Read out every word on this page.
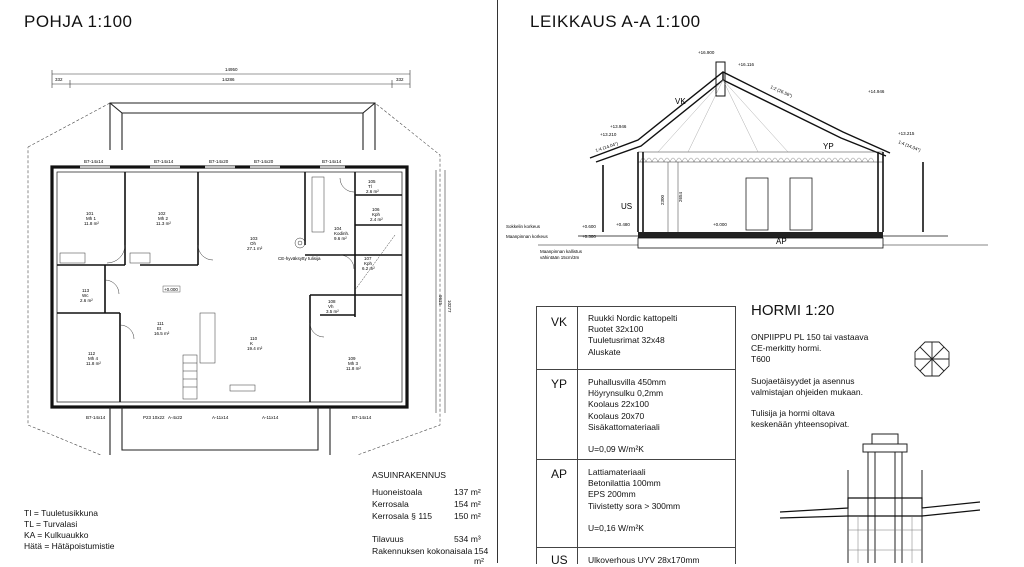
POHJA 1:100
14950
14286
332	332
10277
9615
B7-14x14	B7-14x14	B7-14x20	B7-14x20	B7-14x14
B7-14x14	P23 10x22 A-4x22	A-11x14	A-11x14	B7-14x14
101
Mh 1
11.8 m²
102
Mh 2
11.3 m²
103
Oh
27.1 m²
104
Kodinh.
9.6 m²
105
Tl
2.6 m²
106
Kph
2.4 m²
107
Kph
6.2 m²
108
Vh
3.5 m²
109
Mh 3
11.8 m²
110
K
19.4 m²
111
Et
16.5 m²
112
Mh 4
11.8 m²
113
Wc
2.6 m²
CE-hyväksytty tulisija
+0.000
TI = Tuuletusikkuna
TL = Turvalasi
KA = Kulkuaukko
Hätä = Hätäpoistumistie
ASUINRAKENNUS
Huoneistoala	137 m²
Kerrosala	154 m²
Kerrosala § 115	150 m²
Tilavuus	534 m³
Rakennuksen kokonaisala 154 m²
LEIKKAUS A-A 1:100
2300	2654
VK
YP
US
AP
1:4 (14.04°)	1:4 (14.04°)
1:2 (26.56°)
+16.900
+16.116
+14.946
+13.946
+13.210	+13.215
+0.000
+0.480
+0.600
+0.300
Sokkelin korkeus
Maanpinnan korkeus
Maanpinnan kallistus
vähintään 15cm/3m
VK Ruukki Nordic kattopelti
Ruotet 32x100
Tuuletusrimat 32x48
Aluskate
YP Puhallusvilla 450mm
Höyrynsulku 0,2mm
Koolaus 22x100
Koolaus 20x70
Sisäkattomateriaali

U=0,09 W/m²K
AP Lattiamateriaali
Betonilattia 100mm
EPS 200mm
Tiivistetty sora > 300mm

U=0,16 W/m²K
US Ulkoverhous UYV 28x170mm
HORMI 1:20
ONPIIPPU PL 150 tai vastaava
CE-merkitty hormi.
T600
Suojaetäisyydet ja asennus
valmistajan ohjeiden mukaan.
Tulisija ja hormi oltava
keskenään yhteensopivat.
